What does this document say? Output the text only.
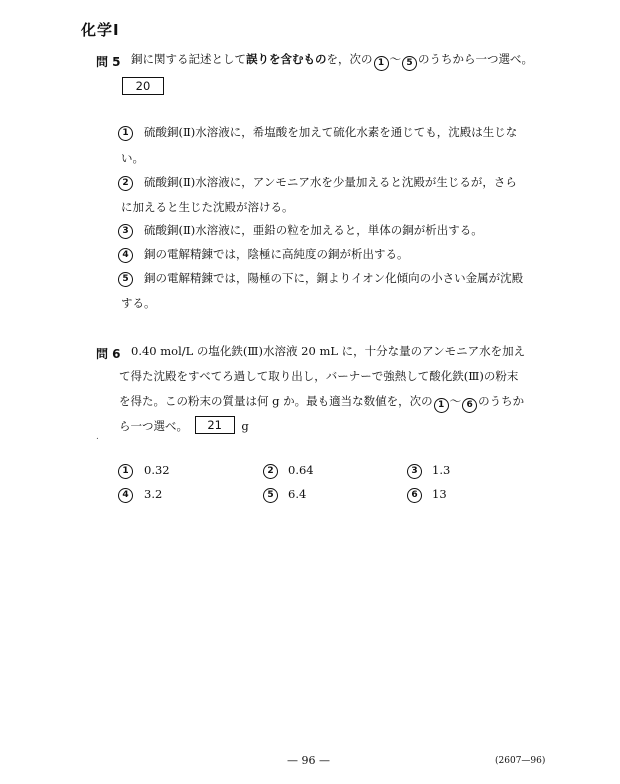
化学Ⅰ
問 5 銅に関する記述として誤りを含むものを，次の 1 〜 5 のうちから一つ選べ。
20
1	硫酸銅(Ⅱ)水溶液に，希塩酸を加えて硫化水素を通じても，沈殿は生じな
い。
2	硫酸銅(Ⅱ)水溶液に，アンモニア水を少量加えると沈殿が生じるが，さら
に加えると生じた沈殿が溶ける。
3	硫酸銅(Ⅱ)水溶液に，亜鉛の粒を加えると，単体の銅が析出する。
4	銅の電解精錬では，陰極に高純度の銅が析出する。
5	銅の電解精錬では，陽極の下に，銅よりイオン化傾向の小さい金属が沈殿
する。
問 6 0.40 mol/L の塩化鉄(Ⅲ)水溶液 20 mL に，十分な量のアンモニア水を加え
て得た沈殿をすべてろ過して取り出し，バーナーで強熱して酸化鉄(Ⅲ)の粉末
を得た。この粉末の質量は何 g か。最も適当な数値を，次の 1 〜 6 のうちか
ら一つ選べ。 21 g
.
1	0.32	2	0.64	3	1.3
4	3.2	5	6.4	6	13
— 96 —	(2607—96)
